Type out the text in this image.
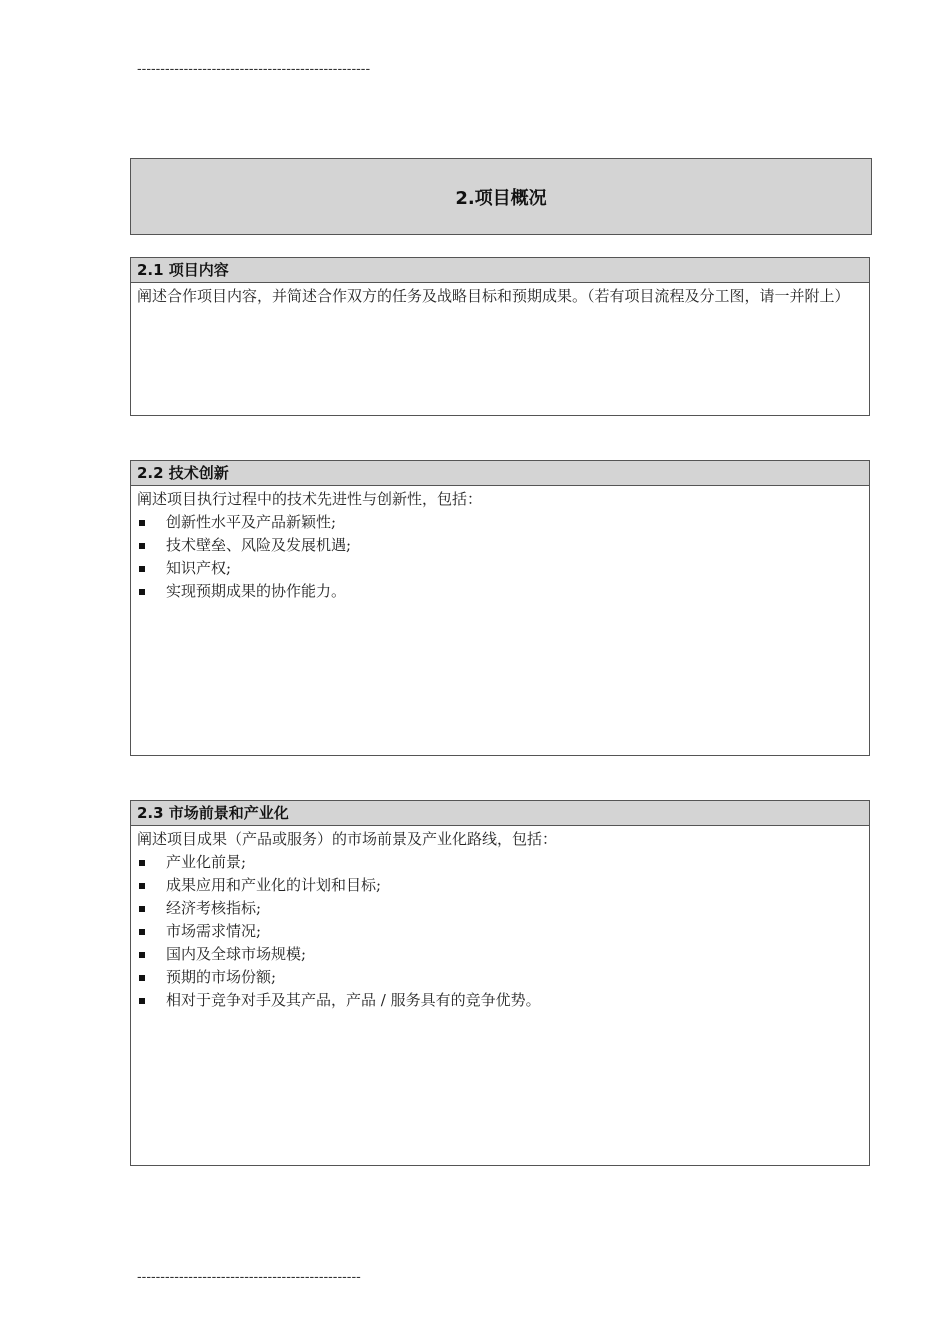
--------------------------------------------------
2.项目概况
2.1 项目内容

阐述合作项目内容，并简述合作双方的任务及战略目标和预期成果。（若有项目流程及分工图，请一并附上）

2.2 技术创新

阐述项目执行过程中的技术先进性与创新性，包括：

创新性水平及产品新颖性;
技术壁垒、风险及发展机遇;
知识产权;
实现预期成果的协作能力。
2.3 市场前景和产业化

阐述项目成果（产品或服务）的市场前景及产业化路线，包括：

产业化前景;
成果应用和产业化的计划和目标;
经济考核指标;
市场需求情况;
国内及全球市场规模;
预期的市场份额;
相对于竞争对手及其产品，产品 / 服务具有的竞争优势。
------------------------------------------------
